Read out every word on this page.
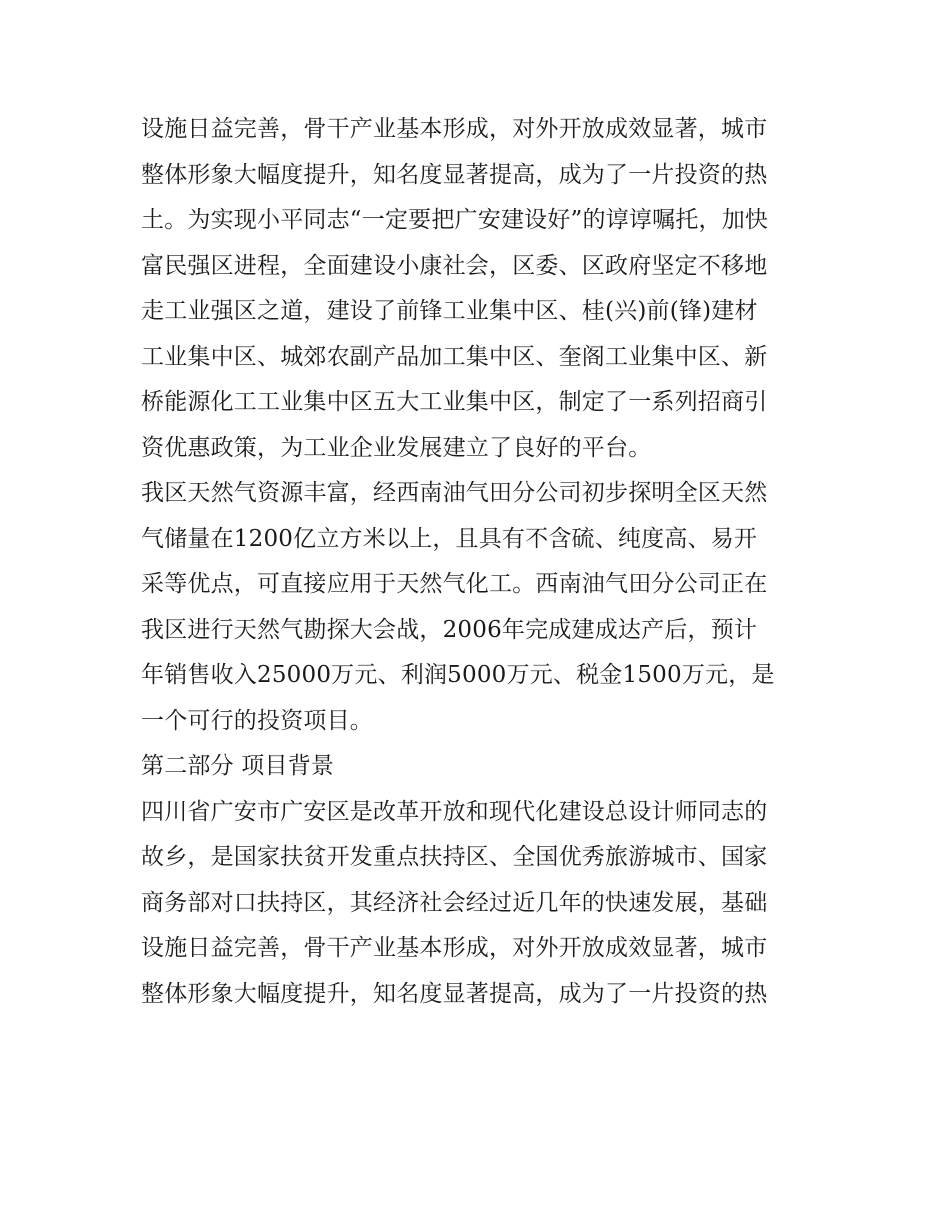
设施日益完善，骨干产业基本形成，对外开放成效显著，城市
整体形象大幅度提升，知名度显著提高，成为了一片投资的热
土。为实现小平同志“一定要把广安建设好”的谆谆嘱托，加快
富民强区进程，全面建设小康社会，区委、区政府坚定不移地
走工业强区之道，建设了前锋工业集中区、桂(兴)前(锋)建材
工业集中区、城郊农副产品加工集中区、奎阁工业集中区、新
桥能源化工工业集中区五大工业集中区，制定了一系列招商引
资优惠政策，为工业企业发展建立了良好的平台。
我区天然气资源丰富，经西南油气田分公司初步探明全区天然
气储量在1200亿立方米以上，且具有不含硫、纯度高、易开
采等优点，可直接应用于天然气化工。西南油气田分公司正在
我区进行天然气勘探大会战，2006年完成建成达产后，预计
年销售收入25000万元、利润5000万元、税金1500万元，是
一个可行的投资项目。
第二部分 项目背景
四川省广安市广安区是改革开放和现代化建设总设计师同志的
故乡，是国家扶贫开发重点扶持区、全国优秀旅游城市、国家
商务部对口扶持区，其经济社会经过近几年的快速发展，基础
设施日益完善，骨干产业基本形成，对外开放成效显著，城市
整体形象大幅度提升，知名度显著提高，成为了一片投资的热
